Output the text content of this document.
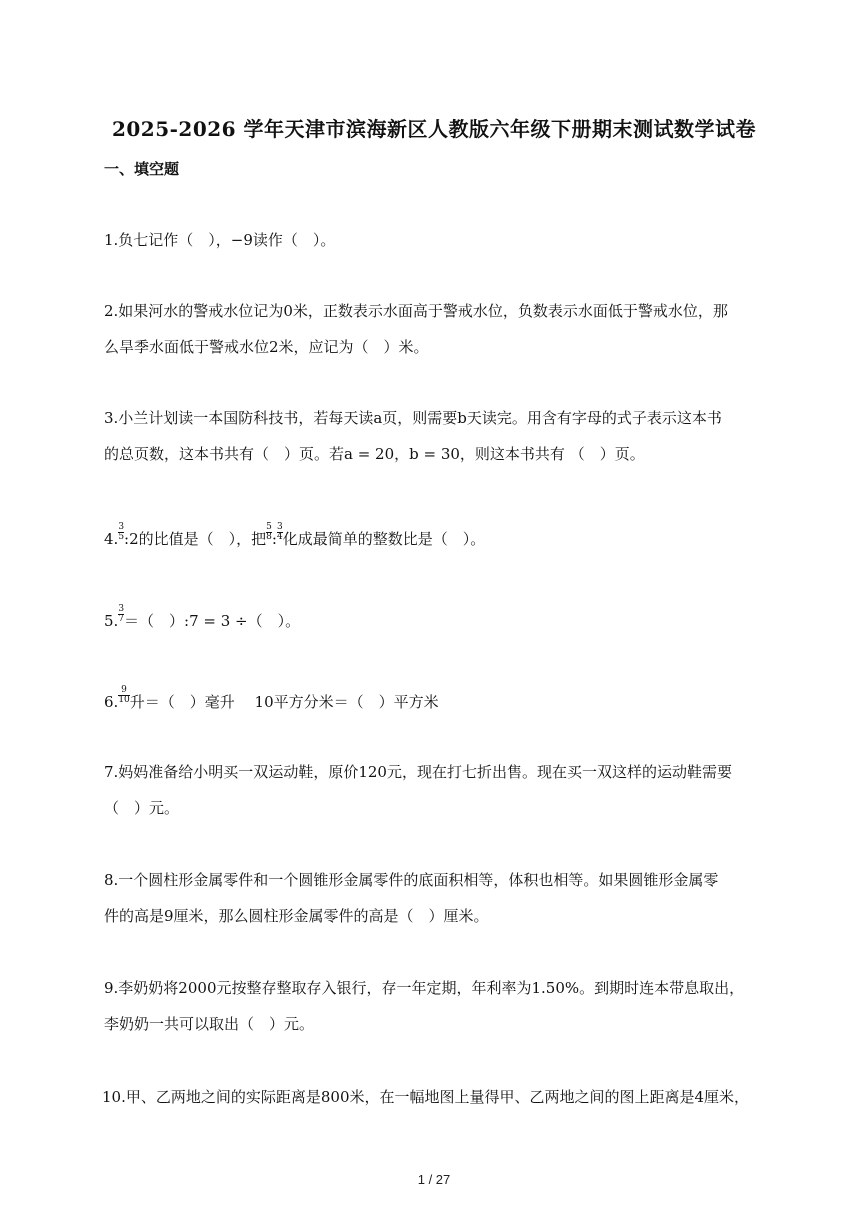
2025-2026 学年天津市滨海新区人教版六年级下册期末测试数学试卷
一、填空题

1.负七记作（　），−9读作（　）。

2.如果河水的警戒水位记为0米，正数表示水面高于警戒水位，负数表示水面低于警戒水位，那

么旱季水面低于警戒水位2米，应记为（　）米。

3.小兰计划读一本国防科技书，若每天读a页，则需要b天读完。用含有字母的式子表示这本书

的总页数，这本书共有（　）页。若a = 20，b = 30，则这本书共有 （　）页。

4. $\frac{3}{5}$ :2的比值是（　），把 $\frac{5}{8}$ : $\frac{3}{4}$ 化成最简单的整数比是（　）。

5. $\frac{3}{7}$ ＝（　）:7 = 3 ÷（　）。

6. $\frac{9}{10}$ 升＝（　）毫升　 10平方分米＝（　）平方米

7.妈妈准备给小明买一双运动鞋，原价120元，现在打七折出售。现在买一双这样的运动鞋需要

（　）元。

8.一个圆柱形金属零件和一个圆锥形金属零件的底面积相等，体积也相等。如果圆锥形金属零

件的高是9厘米，那么圆柱形金属零件的高是（　）厘米。

9.李奶奶将2000元按整存整取存入银行，存一年定期，年利率为1.50%。到期时连本带息取出，

李奶奶一共可以取出（　）元。

10.甲、乙两地之间的实际距离是800米，在一幅地图上量得甲、乙两地之间的图上距离是4厘米，

1 / 27
